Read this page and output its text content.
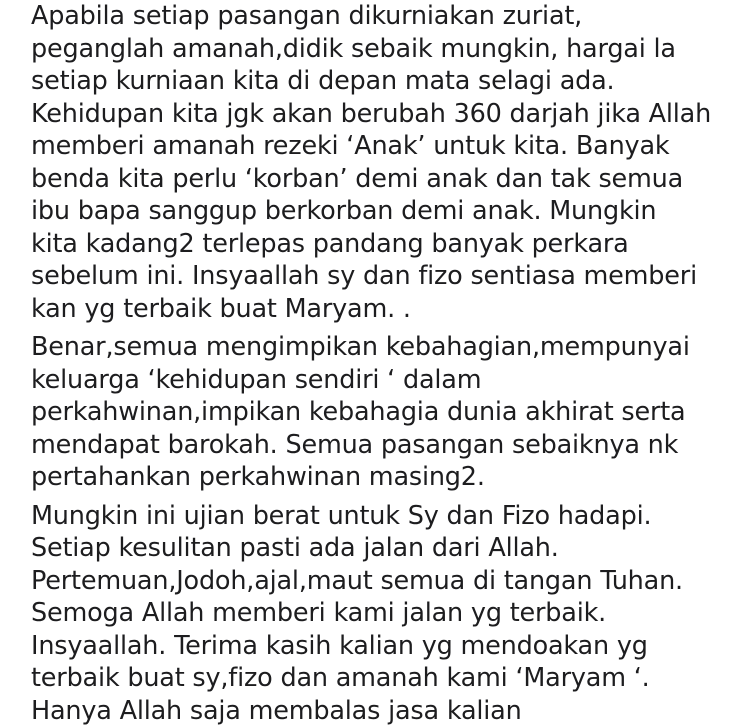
Apabila setiap pasangan dikurniakan zuriat,
peganglah amanah,didik sebaik mungkin, hargai la
setiap kurniaan kita di depan mata selagi ada.
Kehidupan kita jgk akan berubah 360 darjah jika Allah
memberi amanah rezeki ‘Anak’ untuk kita. Banyak
benda kita perlu ‘korban’ demi anak dan tak semua
ibu bapa sanggup berkorban demi anak. Mungkin
kita kadang2 terlepas pandang banyak perkara
sebelum ini. Insyaallah sy dan fizo sentiasa memberi
kan yg terbaik buat Maryam. .
Benar,semua mengimpikan kebahagian,mempunyai
keluarga ‘kehidupan sendiri ‘ dalam
perkahwinan,impikan kebahagia dunia akhirat serta
mendapat barokah. Semua pasangan sebaiknya nk
pertahankan perkahwinan masing2.
Mungkin ini ujian berat untuk Sy dan Fizo hadapi.
Setiap kesulitan pasti ada jalan dari Allah.
Pertemuan,Jodoh,ajal,maut semua di tangan Tuhan.
Semoga Allah memberi kami jalan yg terbaik.
Insyaallah. Terima kasih kalian yg mendoakan yg
terbaik buat sy,fizo dan amanah kami ‘Maryam ‘.
Hanya Allah saja membalas jasa kalian
